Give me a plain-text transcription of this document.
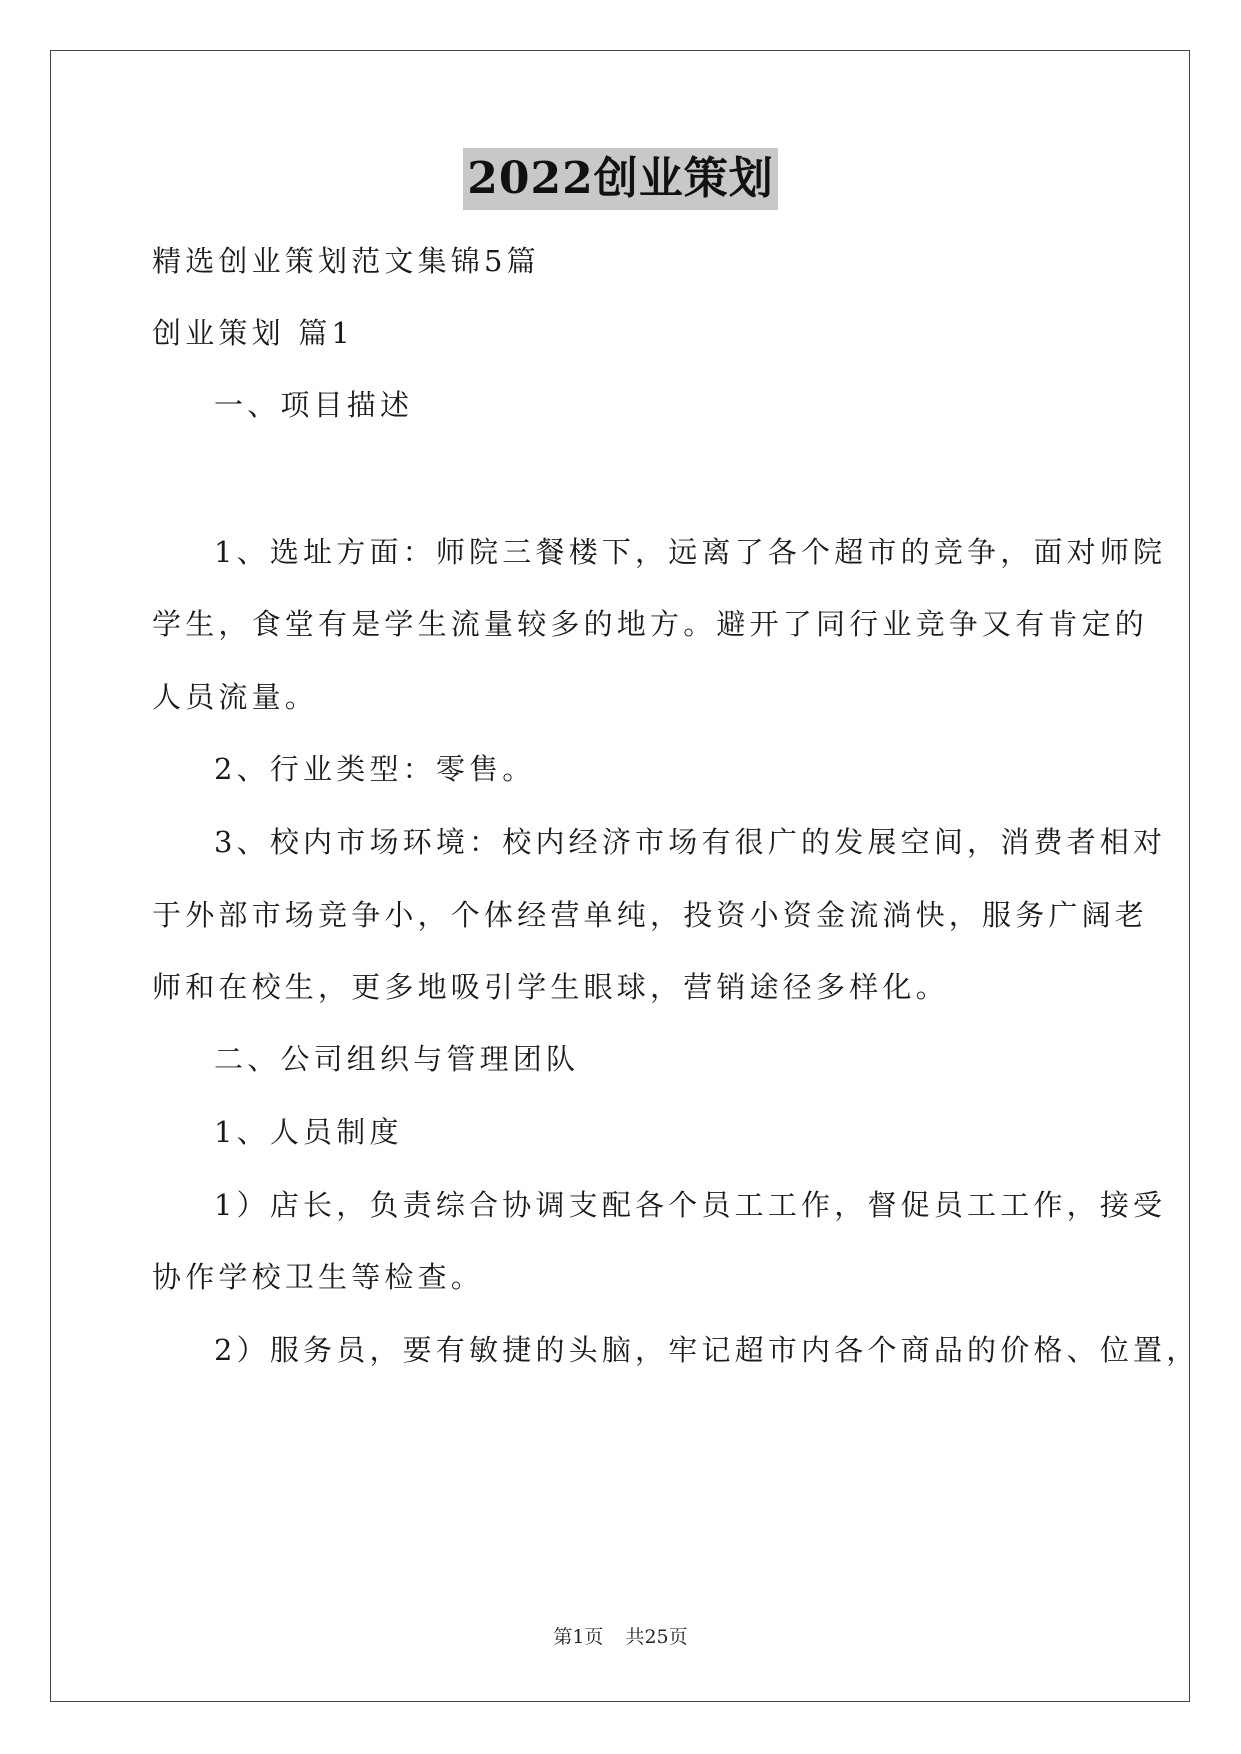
2022创业策划
精选创业策划范文集锦5篇
创业策划 篇1
一、项目描述
1、选址方面：师院三餐楼下，远离了各个超市的竞争，面对师院
学生，食堂有是学生流量较多的地方。避开了同行业竞争又有肯定的
人员流量。
2、行业类型：零售。
3、校内市场环境：校内经济市场有很广的发展空间，消费者相对
于外部市场竞争小，个体经营单纯，投资小资金流淌快，服务广阔老
师和在校生，更多地吸引学生眼球，营销途径多样化。
二、公司组织与管理团队
1、人员制度
1）店长，负责综合协调支配各个员工工作，督促员工工作，接受
协作学校卫生等检查。
2）服务员，要有敏捷的头脑，牢记超市内各个商品的价格、位置，
第1页 共25页
